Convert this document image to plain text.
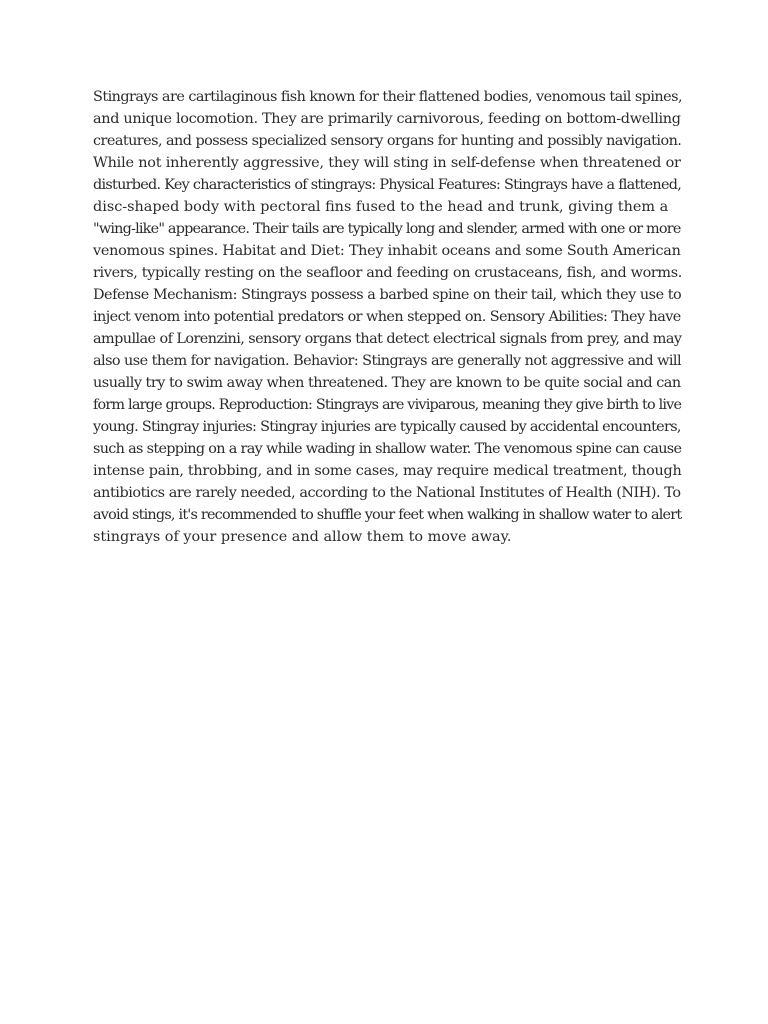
Stingrays are cartilaginous fish known for their flattened bodies, venomous tail spines,
and unique locomotion. They are primarily carnivorous, feeding on bottom-dwelling
creatures, and possess specialized sensory organs for hunting and possibly navigation.
While not inherently aggressive, they will sting in self-defense when threatened or
disturbed. Key characteristics of stingrays: Physical Features: Stingrays have a flattened,
disc-shaped body with pectoral fins fused to the head and trunk, giving them a
"wing-like" appearance. Their tails are typically long and slender, armed with one or more
venomous spines. Habitat and Diet: They inhabit oceans and some South American
rivers, typically resting on the seafloor and feeding on crustaceans, fish, and worms.
Defense Mechanism: Stingrays possess a barbed spine on their tail, which they use to
inject venom into potential predators or when stepped on. Sensory Abilities: They have
ampullae of Lorenzini, sensory organs that detect electrical signals from prey, and may
also use them for navigation. Behavior: Stingrays are generally not aggressive and will
usually try to swim away when threatened. They are known to be quite social and can
form large groups. Reproduction: Stingrays are viviparous, meaning they give birth to live
young. Stingray injuries: Stingray injuries are typically caused by accidental encounters,
such as stepping on a ray while wading in shallow water. The venomous spine can cause
intense pain, throbbing, and in some cases, may require medical treatment, though
antibiotics are rarely needed, according to the National Institutes of Health (NIH). To
avoid stings, it's recommended to shuffle your feet when walking in shallow water to alert
stingrays of your presence and allow them to move away.
